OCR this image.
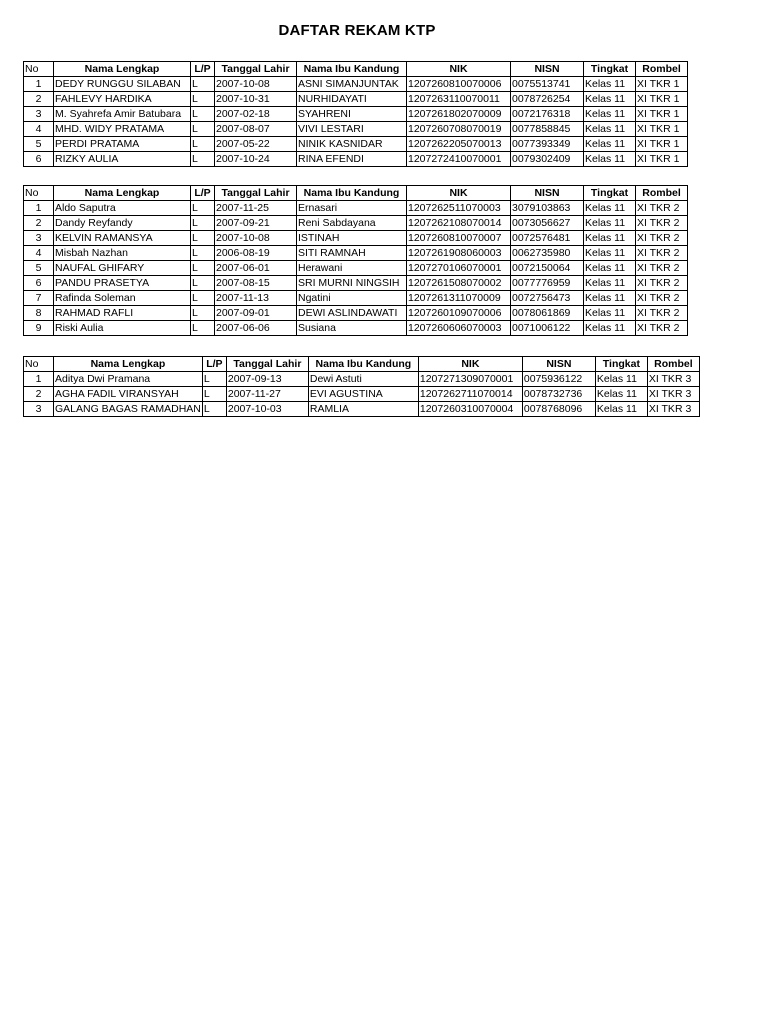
DAFTAR REKAM KTP
No	Nama Lengkap	L/P	Tanggal Lahir	Nama Ibu Kandung	NIK	NISN	Tingkat	Rombel
1	DEDY RUNGGU SILABAN	L	2007-10-08	ASNI SIMANJUNTAK	1207260810070006	0075513741	Kelas 11	XI TKR 1
2	FAHLEVY HARDIKA	L	2007-10-31	NURHIDAYATI	1207263110070011	0078726254	Kelas 11	XI TKR 1
3	M. Syahrefa Amir Batubara	L	2007-02-18	SYAHRENI	1207261802070009	0072176318	Kelas 11	XI TKR 1
4	MHD. WIDY PRATAMA	L	2007-08-07	VIVI LESTARI	1207260708070019	0077858845	Kelas 11	XI TKR 1
5	PERDI PRATAMA	L	2007-05-22	NINIK KASNIDAR	1207262205070013	0077393349	Kelas 11	XI TKR 1
6	RIZKY AULIA	L	2007-10-24	RINA EFENDI	1207272410070001	0079302409	Kelas 11	XI TKR 1
No	Nama Lengkap	L/P	Tanggal Lahir	Nama Ibu Kandung	NIK	NISN	Tingkat	Rombel
1	Aldo Saputra	L	2007-11-25	Ernasari	1207262511070003	3079103863	Kelas 11	XI TKR 2
2	Dandy Reyfandy	L	2007-09-21	Reni Sabdayana	1207262108070014	0073056627	Kelas 11	XI TKR 2
3	KELVIN RAMANSYA	L	2007-10-08	ISTINAH	1207260810070007	0072576481	Kelas 11	XI TKR 2
4	Misbah Nazhan	L	2006-08-19	SITI RAMNAH	1207261908060003	0062735980	Kelas 11	XI TKR 2
5	NAUFAL GHIFARY	L	2007-06-01	Herawani	1207270106070001	0072150064	Kelas 11	XI TKR 2
6	PANDU PRASETYA	L	2007-08-15	SRI MURNI NINGSIH	1207261508070002	0077776959	Kelas 11	XI TKR 2
7	Rafinda Soleman	L	2007-11-13	Ngatini	1207261311070009	0072756473	Kelas 11	XI TKR 2
8	RAHMAD RAFLI	L	2007-09-01	DEWI ASLINDAWATI	1207260109070006	0078061869	Kelas 11	XI TKR 2
9	Riski Aulia	L	2007-06-06	Susiana	1207260606070003	0071006122	Kelas 11	XI TKR 2
No	Nama Lengkap	L/P	Tanggal Lahir	Nama Ibu Kandung	NIK	NISN	Tingkat	Rombel
1	Aditya Dwi Pramana	L	2007-09-13	Dewi Astuti	1207271309070001	0075936122	Kelas 11	XI TKR 3
2	AGHA FADIL VIRANSYAH	L	2007-11-27	EVI AGUSTINA	1207262711070014	0078732736	Kelas 11	XI TKR 3
3	GALANG BAGAS RAMADHAN	L	2007-10-03	RAMLIA	1207260310070004	0078768096	Kelas 11	XI TKR 3
